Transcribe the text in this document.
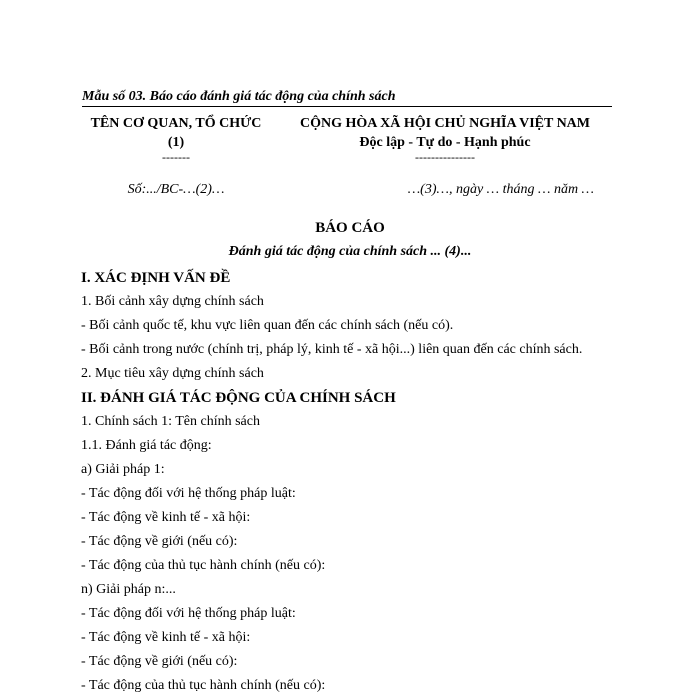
Mẫu số 03. Báo cáo đánh giá tác động của chính sách
TÊN CƠ QUAN, TỔ CHỨC
(1)
-------
Số:.../BC-…(2)…
CỘNG HÒA XÃ HỘI CHỦ NGHĨA VIỆT NAM
Độc lập - Tự do - Hạnh phúc
---------------
…(3)…, ngày … tháng … năm …
BÁO CÁO
Đánh giá tác động của chính sách ... (4)...
I. XÁC ĐỊNH VẤN ĐỀ
1. Bối cảnh xây dựng chính sách
- Bối cảnh quốc tế, khu vực liên quan đến các chính sách (nếu có).
- Bối cảnh trong nước (chính trị, pháp lý, kinh tế - xã hội...) liên quan đến các chính sách.
2. Mục tiêu xây dựng chính sách
II. ĐÁNH GIÁ TÁC ĐỘNG CỦA CHÍNH SÁCH
1. Chính sách 1: Tên chính sách
1.1. Đánh giá tác động:
a) Giải pháp 1:
- Tác động đối với hệ thống pháp luật:
- Tác động về kinh tế - xã hội:
- Tác động về giới (nếu có):
- Tác động của thủ tục hành chính (nếu có):
n) Giải pháp n:...
- Tác động đối với hệ thống pháp luật:
- Tác động về kinh tế - xã hội:
- Tác động về giới (nếu có):
- Tác động của thủ tục hành chính (nếu có):
